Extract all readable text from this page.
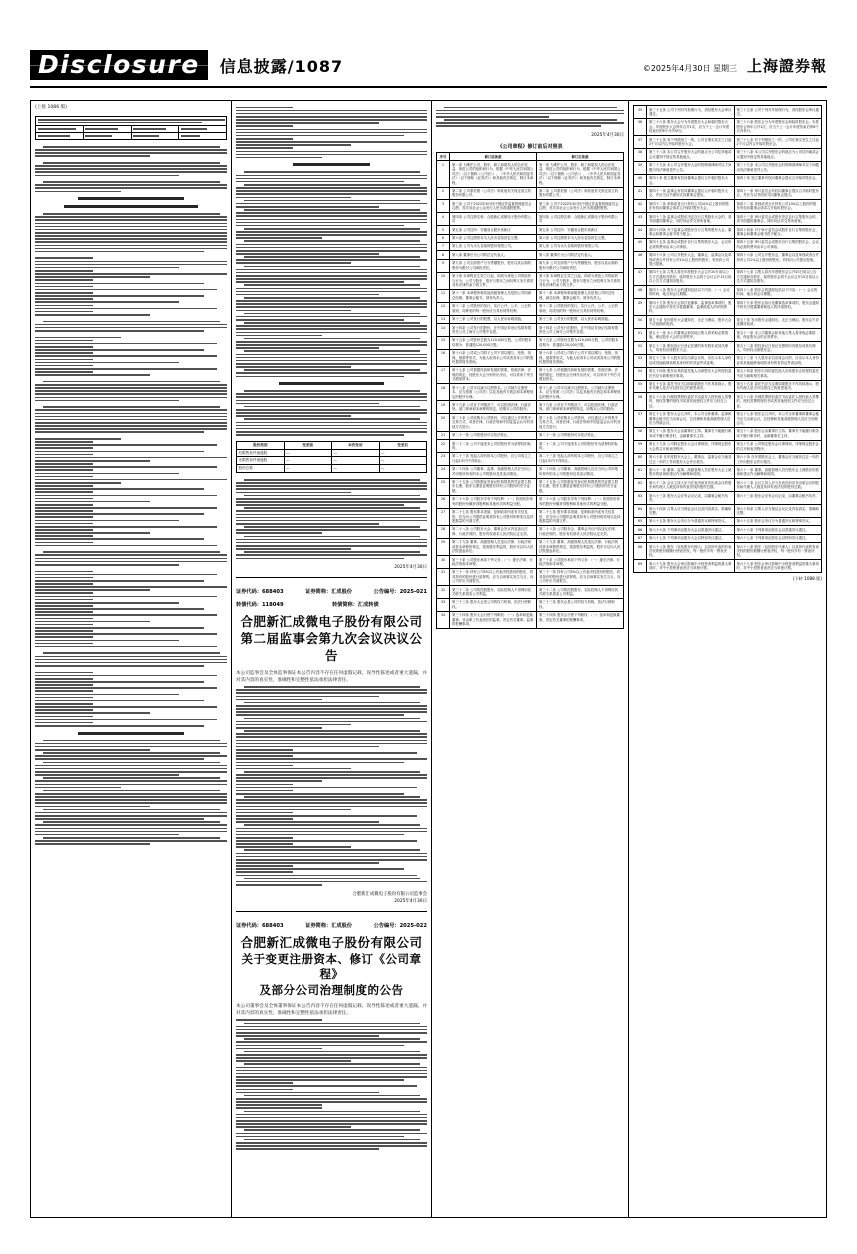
Disclosure	信息披露/1087	©2025年4月30日 星期三 上海證券報
(上接 1086 版)

股份类别	变更前	本次变动	变更后
有限售条件流通股	—	—	—
无限售条件流通股	—	—	—
股份总数	—	—	—
2025年4月30日
证券代码：688403	证券简称：汇成股份	公告编号：2025-021
转债代码：118049	转债简称：汇成转债
合肥新汇成微电子股份有限公司
第二届监事会第九次会议决议公告
本公司监事会及全体监事保证本公告内容不存在任何虚假记载、误导性陈述或者重大遗漏，并对其内容的真实性、准确性和完整性依法承担法律责任。
合肥新汇成微电子股份有限公司监事会
2025年4月30日
证券代码：688403	证券简称：汇成股份	公告编号：2025-022
合肥新汇成微电子股份有限公司
关于变更注册资本、修订《公司章程》
及部分公司治理制度的公告
本公司董事会及全体董事保证本公告内容不存在任何虚假记载、误导性陈述或者重大遗漏，并对其内容的真实性、准确性和完整性依法承担法律责任。
2025年4月30日
《公司章程》修订前后对照表
序号	修订前条款	修订后条款
1	第一条 为维护公司、股东、职工和债权人的合法权益，规范公司的组织和行为，根据《中华人民共和国公司法》（以下简称《公司法》）、《中华人民共和国证券法》（以下简称《证券法》）和其他有关规定，制订本章程。	第一条 为维护公司、股东、职工和债权人的合法权益，规范公司的组织和行为，根据《中华人民共和国公司法》（以下简称《公司法》）、《中华人民共和国证券法》（以下简称《证券法》）和其他有关规定，制订本章程。
2	第二条 公司系依照《公司法》和其他有关规定成立的股份有限公司。	第二条 公司系依照《公司法》和其他有关规定成立的股份有限公司。
3	第三条 公司于2022年8月经中国证券监督管理委员会注册，首次向社会公众发行人民币普通股股票。	第三条 公司于2022年8月经中国证券监督管理委员会注册，首次向社会公众发行人民币普通股股票。
4	第四条 公司注册名称：合肥新汇成微电子股份有限公司	第四条 公司注册名称：合肥新汇成微电子股份有限公司
5	第五条 公司住所：安徽省合肥市高新区	第五条 公司住所：安徽省合肥市高新区
6	第六条 公司注册资本为人民币壹拾贰亿元整。	第六条 公司注册资本为人民币壹拾贰亿元整。
7	第七条 公司为永久存续的股份有限公司。	第七条 公司为永久存续的股份有限公司。
8	第八条 董事长为公司的法定代表人。	第八条 董事长为公司的法定代表人。
9	第九条 公司全部资产分为等额股份，股东以其认购的股份为限对公司承担责任。	第九条 公司全部资产分为等额股份，股东以其认购的股份为限对公司承担责任。
10	第十条 本章程自生效之日起，即成为规范公司的组织与行为、公司与股东、股东与股东之间权利义务关系的具有法律约束力的文件。	第十条 本章程自生效之日起，即成为规范公司的组织与行为、公司与股东、股东与股东之间权利义务关系的具有法律约束力的文件。
11	第十一条 本章程所称其他高级管理人员是指公司的副总经理、董事会秘书、财务负责人。	第十一条 本章程所称高级管理人员是指公司的总经理、副总经理、董事会秘书、财务负责人。
12	第十二条 公司股份的发行，实行公开、公平、公正的原则，同种类的每一股份应当具有同等权利。	第十二条 公司股份的发行，实行公开、公平、公正的原则，同类别的每一股份应当具有同等权利。
13	第十三条 公司发行的股票，以人民币标明面值。	第十三条 公司发行的股票，以人民币标明面值。
14	第十四条 公司发行的股份，在中国证券登记结算有限责任公司上海分公司集中存管。	第十四条 公司发行的股份，在中国证券登记结算有限责任公司上海分公司集中存管。
15	第十五条 公司股份总数为120,000万股，公司的股本结构为：普通股120,000万股。	第十五条 公司股份总数为120,000万股，公司的股本结构为：普通股120,000万股。
16	第十六条 公司或公司的子公司不得以赠与、垫资、担保、借款等形式，为他人取得本公司或者其母公司的股份提供财务资助。	第十六条 公司或公司的子公司不得以赠与、垫资、担保、借款等形式，为他人取得本公司或者其母公司的股份提供财务资助。
17	第十七条 公司根据经营和发展的需要，依照法律、法规的规定，经股东大会分别作出决议，可以采用下列方式增加资本。	第十七条 公司根据经营和发展的需要，依照法律、法规的规定，经股东会分别作出决议，可以采用下列方式增加资本。
18	第十八条 公司可以减少注册资本。公司减少注册资本，应当按照《公司法》以及其他有关规定和本章程规定的程序办理。	第十八条 公司可以减少注册资本。公司减少注册资本，应当按照《公司法》以及其他有关规定和本章程规定的程序办理。
19	第十九条 公司在下列情况下，可以依照法律、行政法规、部门规章和本章程的规定，收购本公司的股份。	第十九条 公司在下列情况下，可以依照法律、行政法规、部门规章和本章程的规定，收购本公司的股份。
20	第二十条 公司收购本公司股份，可以通过公开的集中交易方式，或者法律、行政法规和中国证监会认可的其他方式进行。	第二十条 公司收购本公司股份，可以通过公开的集中交易方式，或者法律、行政法规和中国证监会认可的其他方式进行。
21	第二十一条 公司的股份可以依法转让。	第二十一条 公司的股份可以依法转让。
22	第二十二条 公司不接受本公司的股份作为质押权的标的。	第二十二条 公司不接受本公司的股份作为质押权的标的。
23	第二十三条 发起人持有的本公司股份，自公司成立之日起1年内不得转让。	第二十三条 发起人持有的本公司股份，自公司成立之日起1年内不得转让。
24	第二十四条 公司董事、监事、高级管理人员应当向公司申报所持有的本公司的股份及其变动情况。	第二十四条 公司董事、高级管理人员应当向公司申报所持有的本公司的股份及其变动情况。
25	第二十五条 公司依据证券登记机构提供的凭证建立股东名册，股东名册是证明股东持有公司股份的充分证据。	第二十五条 公司依据证券登记机构提供的凭证建立股东名册，股东名册是证明股东持有公司股份的充分证据。
26	第二十六条 公司股东享有下列权利：（一）依照其所持有的股份份额获得股利和其他形式的利益分配。	第二十六条 公司股东享有下列权利：（一）依照其所持有的股份份额获得股利和其他形式的利益分配。
27	第二十七条 股东要求查阅、复制前条所述有关信息的，应当向公司提供证明其持有公司股份的种类以及持股数量的书面文件。	第二十七条 股东要求查阅、复制前条所述有关信息的，应当向公司提供证明其持有公司股份的类别以及持股数量的书面文件。
28	第二十八条 公司股东大会、董事会决议内容违反法律、行政法规的，股东有权请求人民法院认定无效。	第二十八条 公司股东会、董事会决议内容违反法律、行政法规的，股东有权请求人民法院认定无效。
29	第二十九条 董事、高级管理人员违反法律、行政法规或者本章程的规定，损害股东利益的，股东可以向人民法院提起诉讼。	第二十九条 董事、高级管理人员违反法律、行政法规或者本章程的规定，损害股东利益的，股东可以向人民法院提起诉讼。
30	第三十条 公司股东承担下列义务：（一）遵守法律、行政法规和本章程。	第三十条 公司股东承担下列义务：（一）遵守法律、行政法规和本章程。
31	第三十一条 持有公司5%以上有表决权股份的股东，将其持有的股份进行质押的，应当自该事实发生当日，向公司作出书面报告。	第三十一条 持有公司5%以上有表决权股份的股东，将其持有的股份进行质押的，应当自该事实发生当日，向公司作出书面报告。
32	第三十二条 公司的控股股东、实际控制人不得利用其关联关系损害公司利益。	第三十二条 公司的控股股东、实际控制人不得利用其关联关系损害公司利益。
33	第三十三条 股东大会是公司的权力机构，依法行使职权。	第三十三条 股东会是公司的权力机构，依法行使职权。
34	第三十四条 股东大会行使下列职权：（一）选举和更换董事、非由职工代表担任的监事，决定有关董事、监事的报酬事项。	第三十四条 股东会行使下列职权：（一）选举和更换董事，决定有关董事的报酬事项。
35	第三十五条 公司下列对外担保行为，须经股东大会审议通过。	第三十五条 公司下列对外担保行为，须经股东会审议通过。
36	第三十六条 股东大会分为年度股东大会和临时股东大会。年度股东大会每年召开1次，应当于上一会计年度结束后的6个月内举行。	第三十六条 股东会分为年度股东会和临时股东会。年度股东会每年召开1次，应当于上一会计年度结束后的6个月内举行。
37	第三十七条 有下列情形之一的，公司在事实发生之日起2个月以内召开临时股东大会。	第三十七条 有下列情形之一的，公司在事实发生之日起2个月以内召开临时股东会。
38	第三十八条 本公司召开股东大会的地点为公司住所地或会议通知中指定的其他地点。	第三十八条 本公司召开股东会的地点为公司住所地或会议通知中指定的其他地点。
39	第三十九条 本公司召开股东大会时将聘请律师对以下问题出具法律意见并公告。	第三十九条 本公司召开股东会时将聘请律师对以下问题出具法律意见并公告。
40	第四十条 独立董事有权向董事会提议召开临时股东大会。	第四十条 独立董事有权向董事会提议召开临时股东会。
41	第四十一条 监事会有权向董事会提议召开临时股东大会，并应当以书面形式向董事会提出。	第四十一条 审计委员会有权向董事会提议召开临时股东会，并应当以书面形式向董事会提出。
42	第四十二条 单独或者合计持有公司10%以上股份的股东有权向董事会请求召开临时股东大会。	第四十二条 单独或者合计持有公司10%以上股份的股东有权向董事会请求召开临时股东会。
43	第四十三条 监事会或股东决定自行召集股东大会的，须书面通知董事会，同时向证券交易所备案。	第四十三条 审计委员会或股东决定自行召集股东会的，须书面通知董事会，同时向证券交易所备案。
44	第四十四条 对于监事会或股东自行召集的股东大会，董事会和董事会秘书将予配合。	第四十四条 对于审计委员会或股东自行召集的股东会，董事会和董事会秘书将予配合。
45	第四十五条 监事会或股东自行召集的股东大会，会议所必需的费用由本公司承担。	第四十五条 审计委员会或股东自行召集的股东会，会议所必需的费用由本公司承担。
46	第四十六条 公司召开股东大会，董事会、监事会以及单独或者合并持有公司1%以上股份的股东，有权向公司提出提案。	第四十六条 公司召开股东会，董事会以及单独或者合并持有公司1%以上股份的股东，有权向公司提出提案。
47	第四十七条 召集人将在年度股东大会召开20日前以公告方式通知各股东，临时股东大会将于会议召开15日前以公告方式通知各股东。	第四十七条 召集人将在年度股东会召开20日前以公告方式通知各股东，临时股东会将于会议召开15日前以公告方式通知各股东。
48	第四十八条 股东大会的通知包括以下内容：（一）会议的时间、地点和会议期限。	第四十八条 股东会的通知包括以下内容：（一）会议的时间、地点和会议期限。
49	第四十九条 股东大会拟讨论董事、监事选举事项的，股东大会通知中将充分披露董事、监事候选人的详细资料。	第四十九条 股东会拟讨论董事选举事项的，股东会通知中将充分披露董事候选人的详细资料。
50	第五十条 发出股东大会通知后，无正当理由，股东大会不应延期或取消。	第五十条 发出股东会通知后，无正当理由，股东会不应延期或取消。
51	第五十一条 本公司董事会和其他召集人将采取必要措施，保证股东大会的正常秩序。	第五十一条 本公司董事会和其他召集人将采取必要措施，保证股东会的正常秩序。
52	第五十二条 股权登记日登记在册的所有股东或其代理人，均有权出席股东大会。	第五十二条 股权登记日登记在册的所有股东或其代理人，均有权出席股东会。
53	第五十三条 个人股东亲自出席会议的，应出示本人身份证或其他能够表明其身份的有效证件或证明。	第五十三条 个人股东亲自出席会议的，应出示本人身份证或其他能够表明其身份的有效证件或证明。
54	第五十四条 股东出具的委托他人出席股东大会的授权委托书应当载明相关事项。	第五十四条 股东出具的委托他人出席股东会的授权委托书应当载明相关事项。
55	第五十五条 委托书应当注明如果股东不作具体指示，股东代理人是否可以按自己的意思表决。	第五十五条 委托书应当注明如果股东不作具体指示，股东代理人是否可以按自己的意思表决。
56	第五十六条 代理投票授权委托书由委托人授权他人签署的，授权签署的授权书或者其他授权文件应当经过公证。	第五十六条 代理投票授权委托书由委托人授权他人签署的，授权签署的授权书或者其他授权文件应当经过公证。
57	第五十七条 股东大会召开时，本公司全体董事、监事和董事会秘书应当出席会议，总经理和其他高级管理人员应当列席会议。	第五十七条 股东会召开时，本公司全体董事和董事会秘书应当出席会议，总经理和其他高级管理人员应当列席会议。
58	第五十八条 股东大会由董事长主持。董事长不能履行职务或不履行职务时，由副董事长主持。	第五十八条 股东会由董事长主持。董事长不能履行职务或不履行职务时，由副董事长主持。
59	第五十九条 公司制定股东大会议事规则，详细规定股东大会的召开和表决程序。	第五十九条 公司制定股东会议事规则，详细规定股东会的召开和表决程序。
60	第六十条 在年度股东大会上，董事会、监事会应当就其过去一年的工作向股东大会作出报告。	第六十条 在年度股东会上，董事会应当就其过去一年的工作向股东会作出报告。
61	第六十一条 董事、监事、高级管理人员在股东大会上就股东的质询和建议作出解释和说明。	第六十一条 董事、高级管理人员在股东会上就股东的质询和建议作出解释和说明。
62	第六十二条 会议主持人应当在表决前宣布出席会议的股东和代理人人数及所持有表决权的股份总数。	第六十二条 会议主持人应当在表决前宣布出席会议的股东和代理人人数及所持有表决权的股份总数。
63	第六十三条 股东大会应有会议记录，由董事会秘书负责。	第六十三条 股东会应有会议记录，由董事会秘书负责。
64	第六十四条 召集人应当保证会议记录内容真实、准确和完整。	第六十四条 召集人应当保证会议记录内容真实、准确和完整。
65	第六十五条 股东大会决议分为普通决议和特别决议。	第六十五条 股东会决议分为普通决议和特别决议。
66	第六十六条 下列事项由股东大会以普通决议通过。	第六十六条 下列事项由股东会以普通决议通过。
67	第六十七条 下列事项由股东大会以特别决议通过。	第六十七条 下列事项由股东会以特别决议通过。
68	第六十八条 股东（包括股东代理人）以其所代表的有表决权的股份数额行使表决权，每一股份享有一票表决权。	第六十八条 股东（包括股东代理人）以其所代表的有表决权的股份数额行使表决权，每一股份享有一票表决权。
69	第六十九条 股东大会审议影响中小投资者利益的重大事项时，对中小投资者表决应当单独计票。	第六十九条 股东会审议影响中小投资者利益的重大事项时，对中小投资者表决应当单独计票。
(下转 1088 版)
